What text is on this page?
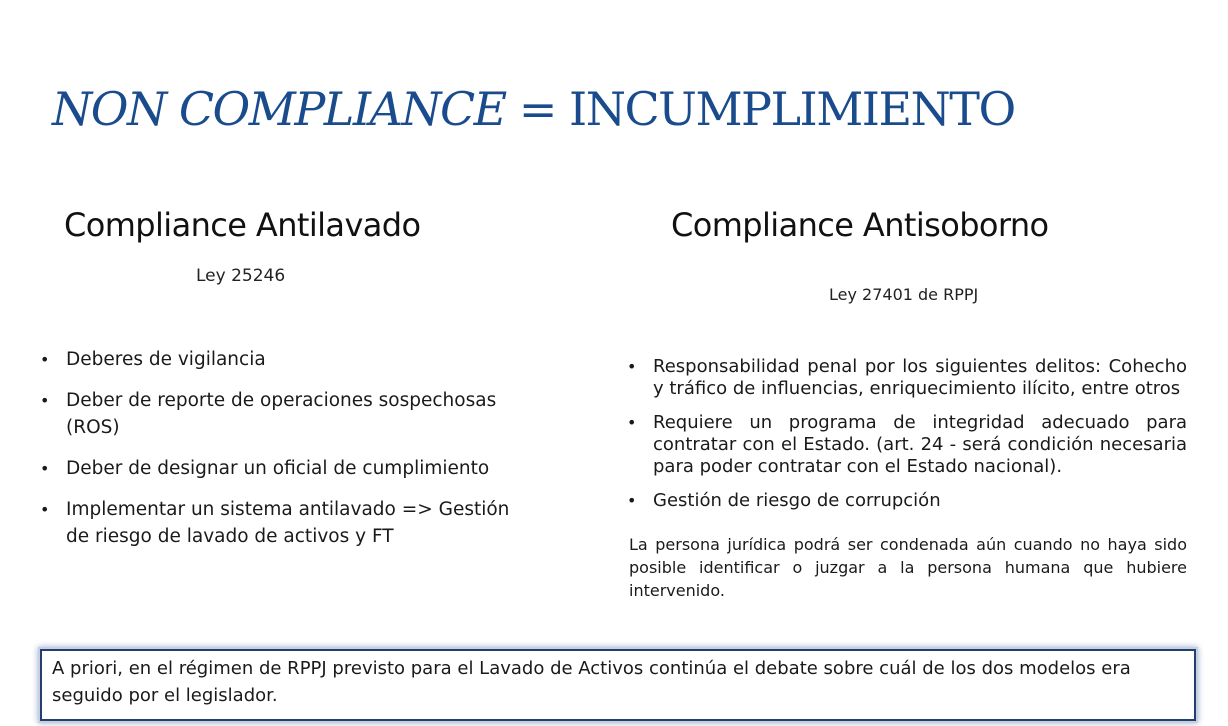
NON COMPLIANCE = INCUMPLIMIENTO
Compliance Antilavado
Ley 25246
• Deberes de vigilancia
• Deber de reporte de operaciones sospechosas (ROS)
• Deber de designar un oficial de cumplimiento
• Implementar un sistema antilavado => Gestión de riesgo de lavado de activos y FT
Compliance Antisoborno
Ley 27401 de RPPJ
• Responsabilidad penal por los siguientes delitos: Cohecho y tráfico de influencias, enriquecimiento ilícito, entre otros
• Requiere un programa de integridad adecuado para contratar con el Estado. (art. 24 - será condición necesaria para poder contratar con el Estado nacional).
• Gestión de riesgo de corrupción
La persona jurídica podrá ser condenada aún cuando no haya sido posible identificar o juzgar a la persona humana que hubiere intervenido.
A priori, en el régimen de RPPJ previsto para el Lavado de Activos continúa el debate sobre cuál de los dos modelos era seguido por el legislador.
